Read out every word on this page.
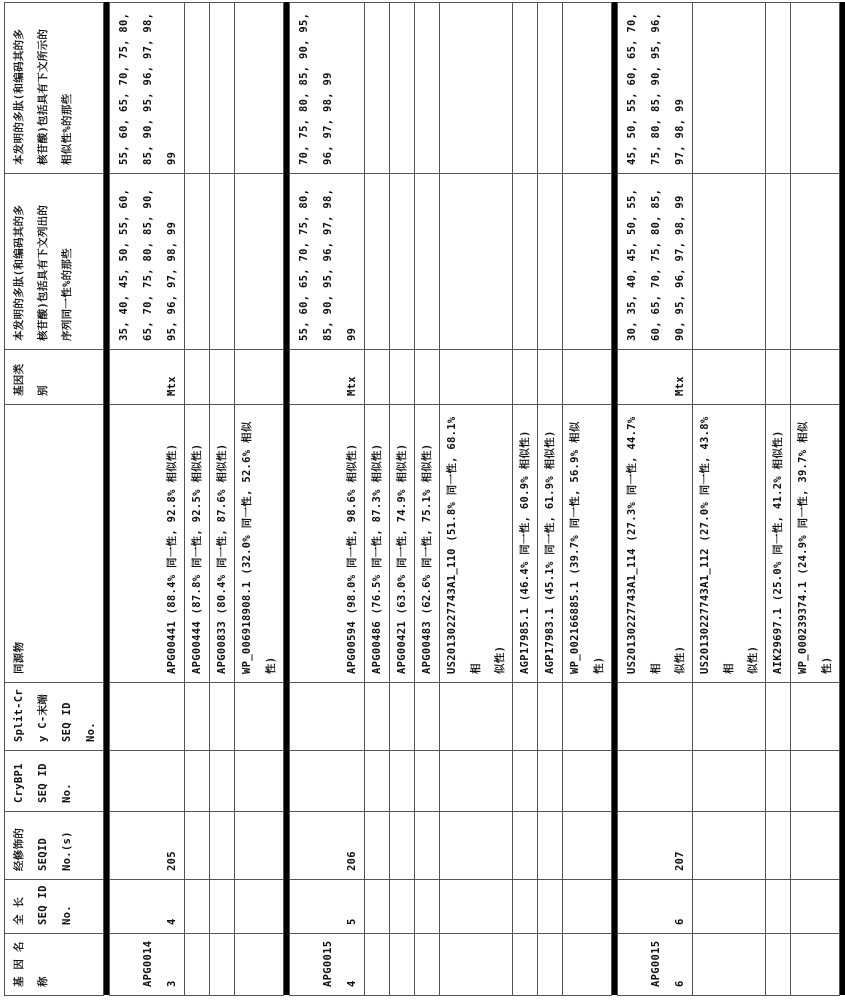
基 因 名
称	全 长
SEQ ID
No.	经修饰的
SEQID
No.(s)	CryBP1
SEQ ID
No.	Split-Cr
y C-末端
SEQ ID
No.	同源物	基因类
别	本发明的多肽(和编码其的多
核苷酸)包括具有下文列出的
序列同一性%的那些	本发明的多肽(和编码其的多
核苷酸)包括具有下文所示的
相似性%的那些

APG0014
3	4	205			APG00441 (88.4% 同一性, 92.8% 相似性)	Mtx	35, 40, 45, 50, 55, 60,
65, 70, 75, 80, 85, 90,
95, 96, 97, 98, 99	55, 60, 65, 70, 75, 80,
85, 90, 95, 96, 97, 98,
99
					APG00444 (87.8% 同一性, 92.5% 相似性)								APG00833 (80.4% 同一性, 87.6% 相似性)								WP_006918908.1 (32.0% 同一性, 52.6% 相似性)			

APG0015
4	5	206			APG00594 (98.0% 同一性, 98.6% 相似性)	Mtx	55, 60, 65, 70, 75, 80,
85, 90, 95, 96, 97, 98, 99	70, 75, 80, 85, 90, 95,
96, 97, 98, 99
					APG00486 (76.5% 同一性, 87.3% 相似性)								APG00421 (63.0% 同一性, 74.9% 相似性)								APG00483 (62.6% 同一性, 75.1% 相似性)								US20130227743A1_110 (51.8% 同一性, 68.1% 相
似性)								AGP17985.1 (46.4% 同一性, 60.9% 相似性)								AGP17983.1 (45.1% 同一性, 61.9% 相似性)								WP_002166885.1 (39.7% 同一性, 56.9% 相似性)			

APG0015
6	6	207			US20130227743A1_114 (27.3% 同一性, 44.7% 相
似性)	Mtx	30, 35, 40, 45, 50, 55,
60, 65, 70, 75, 80, 85,
90, 95, 96, 97, 98, 99	45, 50, 55, 60, 65, 70,
75, 80, 85, 90, 95, 96,
97, 98, 99
					US20130227743A1_112 (27.0% 同一性, 43.8% 相
似性)								AIK29697.1 (25.0% 同一性, 41.2% 相似性)								WP_000239374.1 (24.9% 同一性, 39.7% 相似性)			
